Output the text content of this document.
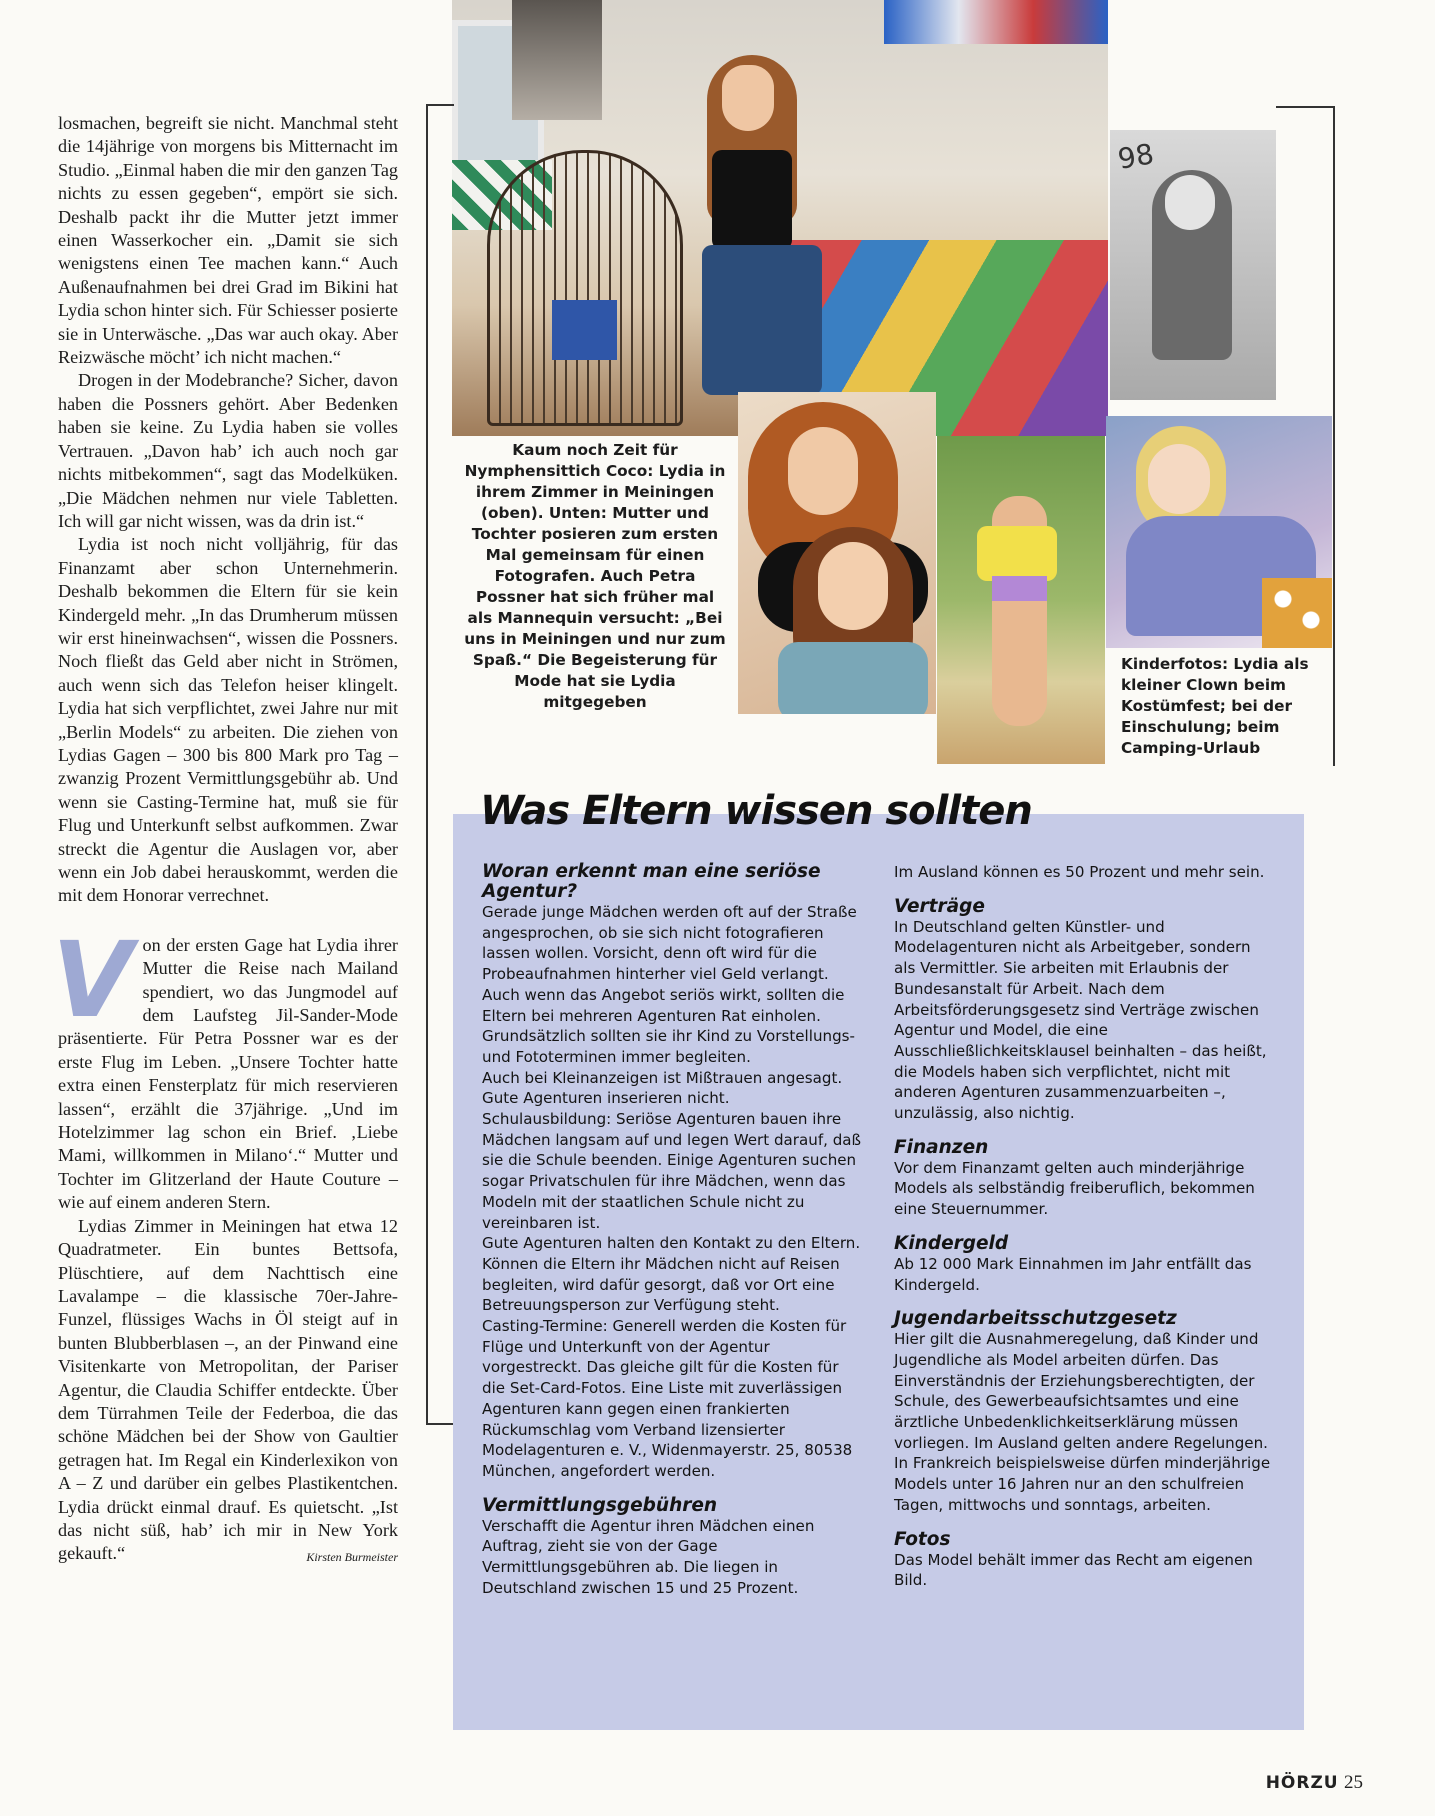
losmachen, begreift sie nicht. Manchmal steht die 14jährige von morgens bis Mitternacht im Studio. „Einmal haben die mir den ganzen Tag nichts zu essen gegeben“, empört sie sich. Deshalb packt ihr die Mutter jetzt immer einen Wasserkocher ein. „Damit sie sich wenigstens einen Tee machen kann.“ Auch Außenaufnahmen bei drei Grad im Bikini hat Lydia schon hinter sich. Für Schiesser posierte sie in Unterwäsche. „Das war auch okay. Aber Reizwäsche möcht’ ich nicht machen.“

Drogen in der Modebranche? Sicher, davon haben die Possners gehört. Aber Bedenken haben sie keine. Zu Lydia haben sie volles Vertrauen. „Davon hab’ ich auch noch gar nichts mitbekommen“, sagt das Modelküken. „Die Mädchen nehmen nur viele Tabletten. Ich will gar nicht wissen, was da drin ist.“

Lydia ist noch nicht volljährig, für das Finanzamt aber schon Unternehmerin. Deshalb bekommen die Eltern für sie kein Kindergeld mehr. „In das Drumherum müssen wir erst hineinwachsen“, wissen die Possners. Noch fließt das Geld aber nicht in Strömen, auch wenn sich das Telefon heiser klingelt. Lydia hat sich verpflichtet, zwei Jahre nur mit „Berlin Models“ zu arbeiten. Die ziehen von Lydias Gagen – 300 bis 800 Mark pro Tag – zwanzig Prozent Vermittlungsgebühr ab. Und wenn sie Casting-Termine hat, muß sie für Flug und Unterkunft selbst aufkommen. Zwar streckt die Agentur die Auslagen vor, aber wenn ein Job dabei herauskommt, werden die mit dem Honorar verrechnet.

V on der ersten Gage hat Lydia ihrer Mutter die Reise nach Mailand spendiert, wo das Jungmodel auf dem Laufsteg Jil-Sander-Mode präsentierte. Für Petra Possner war es der erste Flug im Leben. „Unsere Tochter hatte extra einen Fensterplatz für mich reservieren lassen“, erzählt die 37jährige. „Und im Hotelzimmer lag schon ein Brief. ‚Liebe Mami, willkommen in Milano‘.“ Mutter und Tochter im Glitzerland der Haute Couture – wie auf einem anderen Stern.

Lydias Zimmer in Meiningen hat etwa 12 Quadratmeter. Ein buntes Bettsofa, Plüschtiere, auf dem Nachttisch eine Lavalampe – die klassische 70er-Jahre-Funzel, flüssiges Wachs in Öl steigt auf in bunten Blubberblasen –, an der Pinwand eine Visitenkarte von Metropolitan, der Pariser Agentur, die Claudia Schiffer entdeckte. Über dem Türrahmen Teile der Federboa, die das schöne Mädchen bei der Show von Gaultier getragen hat. Im Regal ein Kinderlexikon von A – Z und darüber ein gelbes Plastikentchen. Lydia drückt einmal drauf. Es quietscht. „Ist das nicht süß, hab’ ich mir in New York gekauft.“	Kirsten Burmeister

98
Kaum noch Zeit für Nymphensittich Coco: Lydia in ihrem Zimmer in Meiningen (oben). Unten: Mutter und Tochter posieren zum ersten Mal gemeinsam für einen Fotografen. Auch Petra Possner hat sich früher mal als Mannequin versucht: „Bei uns in Meiningen und nur zum Spaß.“ Die Begeisterung für Mode hat sie Lydia mitgegeben
Kinderfotos: Lydia als kleiner Clown beim Kostümfest; bei der Einschulung; beim Camping-Urlaub
Was Eltern wissen sollten
Woran erkennt man eine seriöse Agentur?

Gerade junge Mädchen werden oft auf der Straße angesprochen, ob sie sich nicht fotografieren lassen wollen. Vorsicht, denn oft wird für die Probeaufnahmen hinterher viel Geld verlangt. Auch wenn das Angebot seriös wirkt, sollten die Eltern bei mehreren Agenturen Rat einholen. Grundsätzlich sollten sie ihr Kind zu Vorstellungs- und Fototerminen immer begleiten.

Auch bei Kleinanzeigen ist Mißtrauen angesagt. Gute Agenturen inserieren nicht.

Schulausbildung: Seriöse Agenturen bauen ihre Mädchen langsam auf und legen Wert darauf, daß sie die Schule beenden. Einige Agenturen suchen sogar Privatschulen für ihre Mädchen, wenn das Modeln mit der staatlichen Schule nicht zu vereinbaren ist.

Gute Agenturen halten den Kontakt zu den Eltern. Können die Eltern ihr Mädchen nicht auf Reisen begleiten, wird dafür gesorgt, daß vor Ort eine Betreuungsperson zur Verfügung steht.

Casting-Termine: Generell werden die Kosten für Flüge und Unterkunft von der Agentur vorgestreckt. Das gleiche gilt für die Kosten für die Set-Card-Fotos. Eine Liste mit zuverlässigen Agenturen kann gegen einen frankierten Rückumschlag vom Verband lizensierter Modelagenturen e. V., Widenmayerstr. 25, 80538 München, angefordert werden.

Vermittlungsgebühren

Verschafft die Agentur ihren Mädchen einen Auftrag, zieht sie von der Gage Vermittlungsgebühren ab. Die liegen in Deutschland zwischen 15 und 25 Prozent.

Im Ausland können es 50 Prozent und mehr sein.

Verträge

In Deutschland gelten Künstler- und Modelagenturen nicht als Arbeitgeber, sondern als Vermittler. Sie arbeiten mit Erlaubnis der Bundesanstalt für Arbeit. Nach dem Arbeitsförderungsgesetz sind Verträge zwischen Agentur und Model, die eine Ausschließlichkeitsklausel beinhalten – das heißt, die Models haben sich verpflichtet, nicht mit anderen Agenturen zusammenzuarbeiten –, unzulässig, also nichtig.

Finanzen

Vor dem Finanzamt gelten auch minderjährige Models als selbständig freiberuflich, bekommen eine Steuernummer.

Kindergeld

Ab 12 000 Mark Einnahmen im Jahr entfällt das Kindergeld.

Jugendarbeitsschutzgesetz

Hier gilt die Ausnahmeregelung, daß Kinder und Jugendliche als Model arbeiten dürfen. Das Einverständnis der Erziehungsberechtigten, der Schule, des Gewerbeaufsichtsamtes und eine ärztliche Unbedenklichkeitserklärung müssen vorliegen. Im Ausland gelten andere Regelungen. In Frankreich beispielsweise dürfen minderjährige Models unter 16 Jahren nur an den schulfreien Tagen, mittwochs und sonntags, arbeiten.

Fotos

Das Model behält immer das Recht am eigenen Bild.

HÖRZU 25
